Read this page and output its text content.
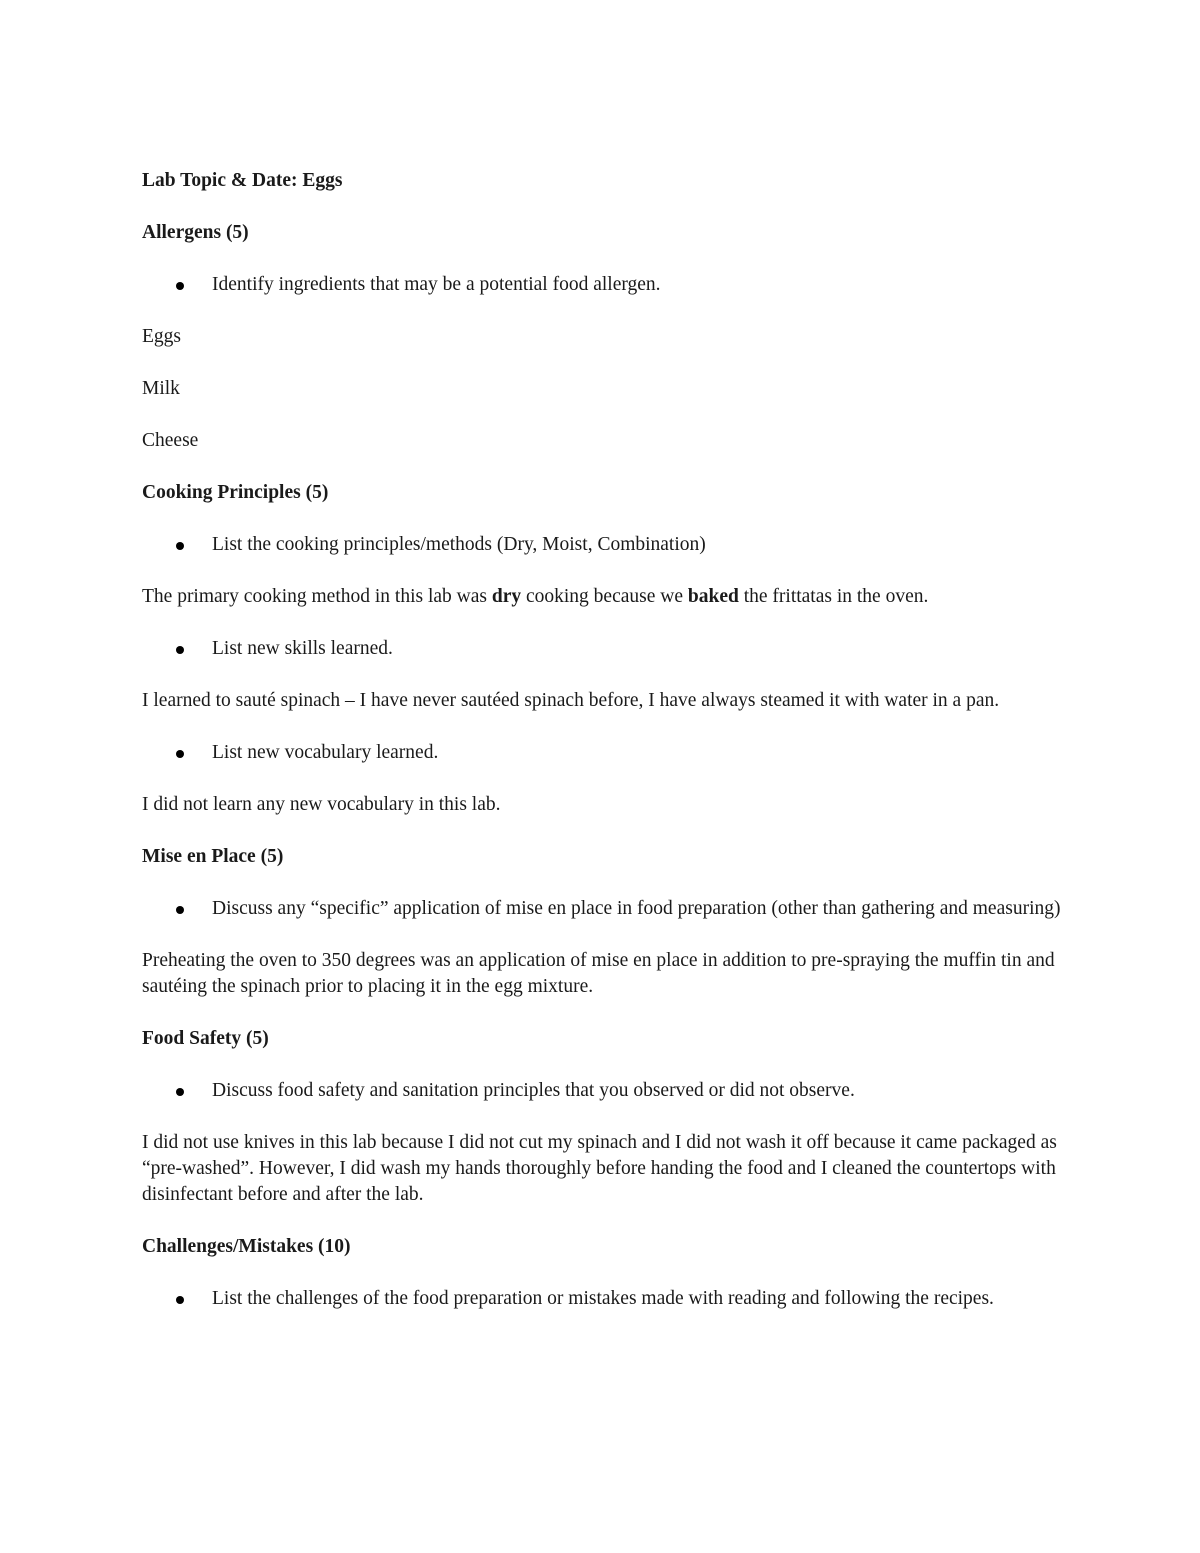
Lab Topic & Date: Eggs

Allergens (5)

Identify ingredients that may be a potential food allergen.

Eggs

Milk

Cheese

Cooking Principles (5)

List the cooking principles/methods (Dry, Moist, Combination)

The primary cooking method in this lab was dry cooking because we baked the frittatas in the oven.

List new skills learned.

I learned to sauté spinach – I have never sautéed spinach before, I have always steamed it with water in a pan.

List new vocabulary learned.

I did not learn any new vocabulary in this lab.

Mise en Place (5)

Discuss any “specific” application of mise en place in food preparation (other than gathering and measuring)

Preheating the oven to 350 degrees was an application of mise en place in addition to pre-spraying the muffin tin and sautéing the spinach prior to placing it in the egg mixture.

Food Safety (5)

Discuss food safety and sanitation principles that you observed or did not observe.

I did not use knives in this lab because I did not cut my spinach and I did not wash it off because it came packaged as “pre-washed”. However, I did wash my hands thoroughly before handing the food and I cleaned the countertops with disinfectant before and after the lab.

Challenges/Mistakes (10)

List the challenges of the food preparation or mistakes made with reading and following the recipes.
